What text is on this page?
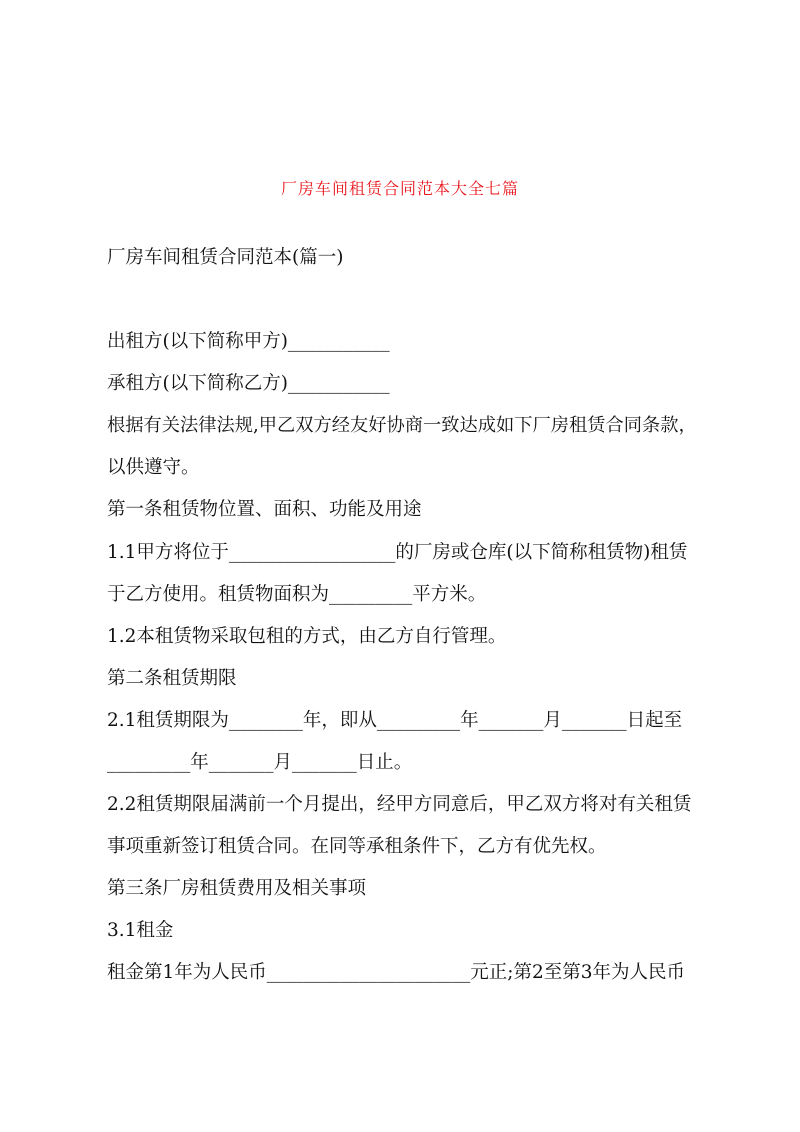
厂房车间租赁合同范本大全七篇
厂房车间租赁合同范本(篇一)
出租方(以下简称甲方)___________
承租方(以下简称乙方)___________
根据有关法律法规,甲乙双方经友好协商一致达成如下厂房租赁合同条款，
以供遵守。
第一条租赁物位置、面积、功能及用途
1.1甲方将位于__________________的厂房或仓库(以下简称租赁物)租赁
于乙方使用。租赁物面积为_________平方米。
1.2本租赁物采取包租的方式，由乙方自行管理。
第二条租赁期限
2.1租赁期限为________年，即从_________年_______月_______日起至
_________年_______月_______日止。
2.2租赁期限届满前一个月提出，经甲方同意后，甲乙双方将对有关租赁
事项重新签订租赁合同。在同等承租条件下，乙方有优先权。
第三条厂房租赁费用及相关事项
3.1租金
租金第1年为人民币______________________元正;第2至第3年为人民币
